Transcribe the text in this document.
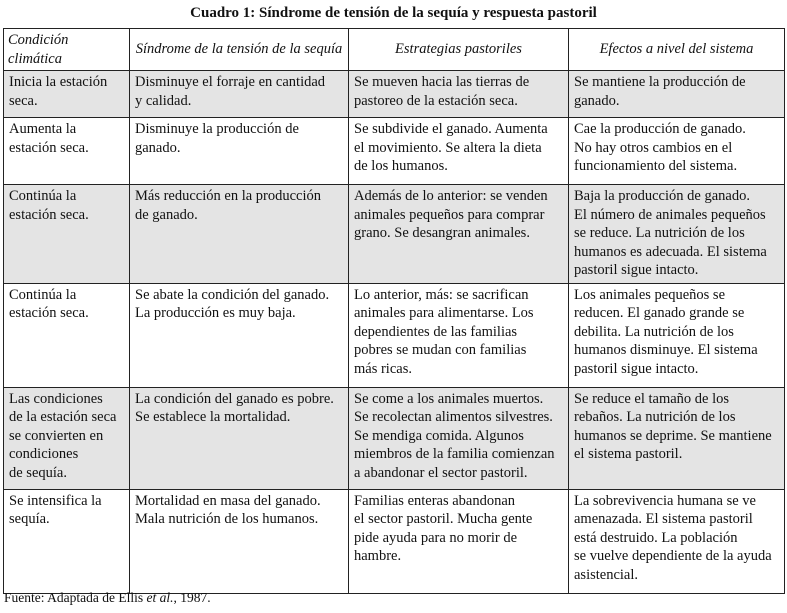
Cuadro 1: Síndrome de tensión de la sequía y respuesta pastoril
Condición climática	Síndrome de la tensión de la sequía	Estrategias pastoriles	Efectos a nivel del sistema
Inicia la estación
seca.	Disminuye el forraje en cantidad
y calidad.	Se mueven hacia las tierras de
pastoreo de la estación seca.	Se mantiene la producción de
ganado.
Aumenta la
estación seca.	Disminuye la producción de
ganado.	Se subdivide el ganado. Aumenta
el movimiento. Se altera la dieta
de los humanos.	Cae la producción de ganado.
No hay otros cambios en el
funcionamiento del sistema.
Continúa la
estación seca.	Más reducción en la producción
de ganado.	Además de lo anterior: se venden
animales pequeños para comprar
grano. Se desangran animales.	Baja la producción de ganado.
El número de animales pequeños
se reduce. La nutrición de los
humanos es adecuada. El sistema
pastoril sigue intacto.
Continúa la
estación seca.	Se abate la condición del ganado.
La producción es muy baja.	Lo anterior, más: se sacrifican
animales para alimentarse. Los
dependientes de las familias
pobres se mudan con familias
más ricas.	Los animales pequeños se
reducen. El ganado grande se
debilita. La nutrición de los
humanos disminuye. El sistema
pastoril sigue intacto.
Las condiciones
de la estación seca
se convierten en
condiciones
de sequía.	La condición del ganado es pobre.
Se establece la mortalidad.	Se come a los animales muertos.
Se recolectan alimentos silvestres.
Se mendiga comida. Algunos
miembros de la familia comienzan
a abandonar el sector pastoril.	Se reduce el tamaño de los
rebaños. La nutrición de los
humanos se deprime. Se mantiene
el sistema pastoril.
Se intensifica la
sequía.	Mortalidad en masa del ganado.
Mala nutrición de los humanos.	Familias enteras abandonan
el sector pastoril. Mucha gente
pide ayuda para no morir de
hambre.	La sobrevivencia humana se ve
amenazada. El sistema pastoril
está destruido. La población
se vuelve dependiente de la ayuda
asistencial.
Fuente: Adaptada de Ellis et al., 1987.
